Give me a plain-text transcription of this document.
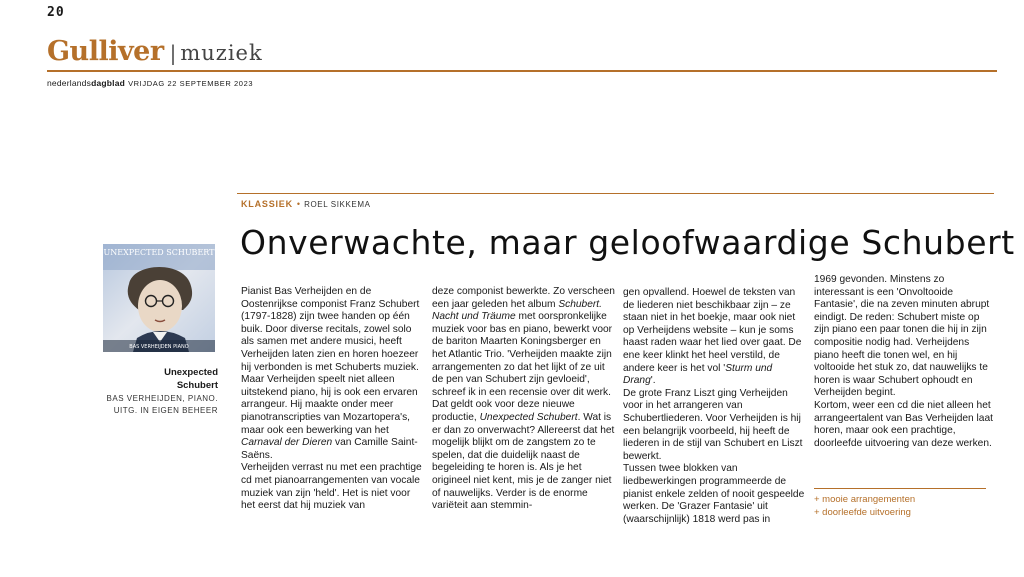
20
Gulliver | muziek
nederlandsdagblad VRIJDAG 22 SEPTEMBER 2023
KLASSIEK • ROEL SIKKEMA
Onverwachte, maar geloofwaardige Schubert
UNEXPECTED SCHUBERT
BAS VERHEIJDEN PIANO
Unexpected
Schubert
BAS VERHEIJDEN, PIANO.
UITG. IN EIGEN BEHEER

Pianist Bas Verheijden en de Oostenrijkse componist Franz Schubert (1797-1828) zijn twee handen op één buik. Door diverse recitals, zowel solo als samen met andere musici, heeft Verheijden laten zien en horen hoezeer hij verbonden is met Schuberts muziek.

Maar Verheijden speelt niet alleen uitstekend piano, hij is ook een ervaren arrangeur. Hij maakte onder meer pianotranscripties van Mozartopera's, maar ook een bewerking van het Carnaval der Dieren van Camille Saint-Saëns.

Verheijden verrast nu met een prachtige cd met pianoarrangementen van vocale muziek van zijn 'held'. Het is niet voor het eerst dat hij muziek van

deze componist bewerkte. Zo verscheen een jaar geleden het album Schubert. Nacht und Träume met oorspronkelijke muziek voor bas en piano, bewerkt voor de bariton Maarten Koningsberger en het Atlantic Trio. 'Verheijden maakte zijn arrangementen zo dat het lijkt of ze uit de pen van Schubert zijn gevloeid', schreef ik in een recensie over dit werk. Dat geldt ook voor deze nieuwe productie, Unexpected Schubert. Wat is er dan zo onverwacht? Allereerst dat het mogelijk blijkt om de zangstem zo te spelen, dat die duidelijk naast de begeleiding te horen is. Als je het origineel niet kent, mis je de zanger niet of nauwelijks. Verder is de enorme variëteit aan stemmin-

gen opvallend. Hoewel de teksten van de liederen niet beschikbaar zijn – ze staan niet in het boekje, maar ook niet op Verheijdens website – kun je soms haast raden waar het lied over gaat. De ene keer klinkt het heel verstild, de andere keer is het vol 'Sturm und Drang'.

De grote Franz Liszt ging Verheijden voor in het arrangeren van Schubertliederen. Voor Verheijden is hij een belangrijk voorbeeld, hij heeft de liederen in de stijl van Schubert en Liszt bewerkt.

Tussen twee blokken van liedbewerkingen programmeerde de pianist enkele zelden of nooit gespeelde werken. De 'Grazer Fantasie' uit (waarschijnlijk) 1818 werd pas in

1969 gevonden. Minstens zo interessant is een 'Onvoltooide Fantasie', die na zeven minuten abrupt eindigt. De reden: Schubert miste op zijn piano een paar tonen die hij in zijn compositie nodig had. Verheijdens piano heeft die tonen wel, en hij voltooide het stuk zo, dat nauwelijks te horen is waar Schubert ophoudt en Verheijden begint.

Kortom, weer een cd die niet alleen het arrangeertalent van Bas Verheijden laat horen, maar ook een prachtige, doorleefde uitvoering van deze werken.

+ mooie arrangementen
+ doorleefde uitvoering
